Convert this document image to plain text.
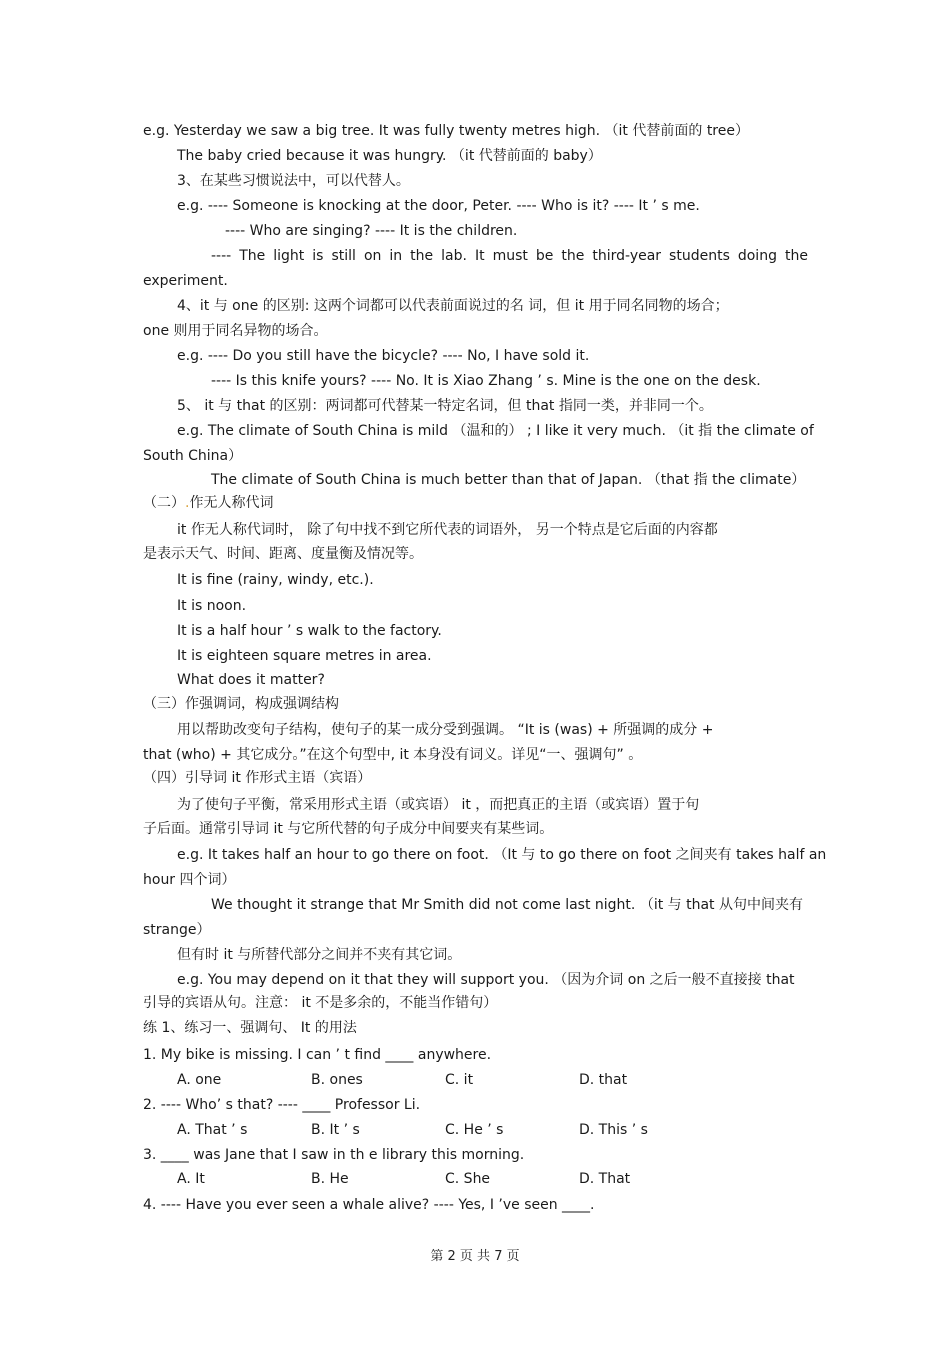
e.g. Yesterday we saw a big tree. It was fully twenty metres high. （it 代替前面的 tree）
The baby cried because it was hungry. （it 代替前面的 baby）
3、在某些习惯说法中，可以代替人。
e.g. ---- Someone is knocking at the door, Peter. ---- Who is it? ---- It ’ s me.
---- Who are singing? ---- It is the children.
---- The light is still on in the lab. It must be the third-year students doing the
experiment.
4、it 与 one 的区别: 这两个词都可以代表前面说过的名 词，但 it 用于同名同物的场合；
one 则用于同名异物的场合。
e.g. ---- Do you still have the bicycle? ---- No, I have sold it.
---- Is this knife yours? ---- No. It is Xiao Zhang ’ s. Mine is the one on the desk.
5、 it 与 that 的区别：两词都可代替某一特定名词，但 that 指同一类，并非同一个。
e.g. The climate of South China is mild （温和的） ; I like it very much. （it 指 the climate of
South China）
The climate of South China is much better than that of Japan. （that 指 the climate）
（二）.作无人称代词
it 作无人称代词时， 除了句中找不到它所代表的词语外， 另一个特点是它后面的内容都
是表示天气、时间、距离、度量衡及情况等。
It is fine (rainy, windy, etc.).
It is noon.
It is a half hour ’ s walk to the factory.
It is eighteen square metres in area.
What does it matter?
（三）作强调词，构成强调结构
用以帮助改变句子结构，使句子的某一成分受到强调。 “It is (was) + 所强调的成分 +
that (who) + 其它成分。”在这个句型中, it 本身没有词义。详见“一、强调句” 。
（四）引导词 it 作形式主语（宾语）
为了使句子平衡，常采用形式主语（或宾语） it ，而把真正的主语（或宾语）置于句
子后面。通常引导词 it 与它所代替的句子成分中间要夹有某些词。
e.g. It takes half an hour to go there on foot. （It 与 to go there on foot 之间夹有 takes half an
hour 四个词）
We thought it strange that Mr Smith did not come last night. （it 与 that 从句中间夹有
strange）
但有时 it 与所替代部分之间并不夹有其它词。
e.g. You may depend on it that they will support you. （因为介词 on 之后一般不直接接 that
引导的宾语从句。注意： it 不是多余的，不能当作错句）
练 1、练习一、强调句、 It 的用法
1. My bike is missing. I can ’ t find ____ anywhere.
A. one	B. ones	C. it	D. that
2. ---- Who’ s that? ---- ____ Professor Li.
A. That ’ s	B. It ’ s	C. He ’ s	D. This ’ s
3. ____ was Jane that I saw in th e library this morning.
A. It	B. He	C. She	D. That
4. ---- Have you ever seen a whale alive? ---- Yes, I ’ve seen ____.
第 2 页 共 7 页
